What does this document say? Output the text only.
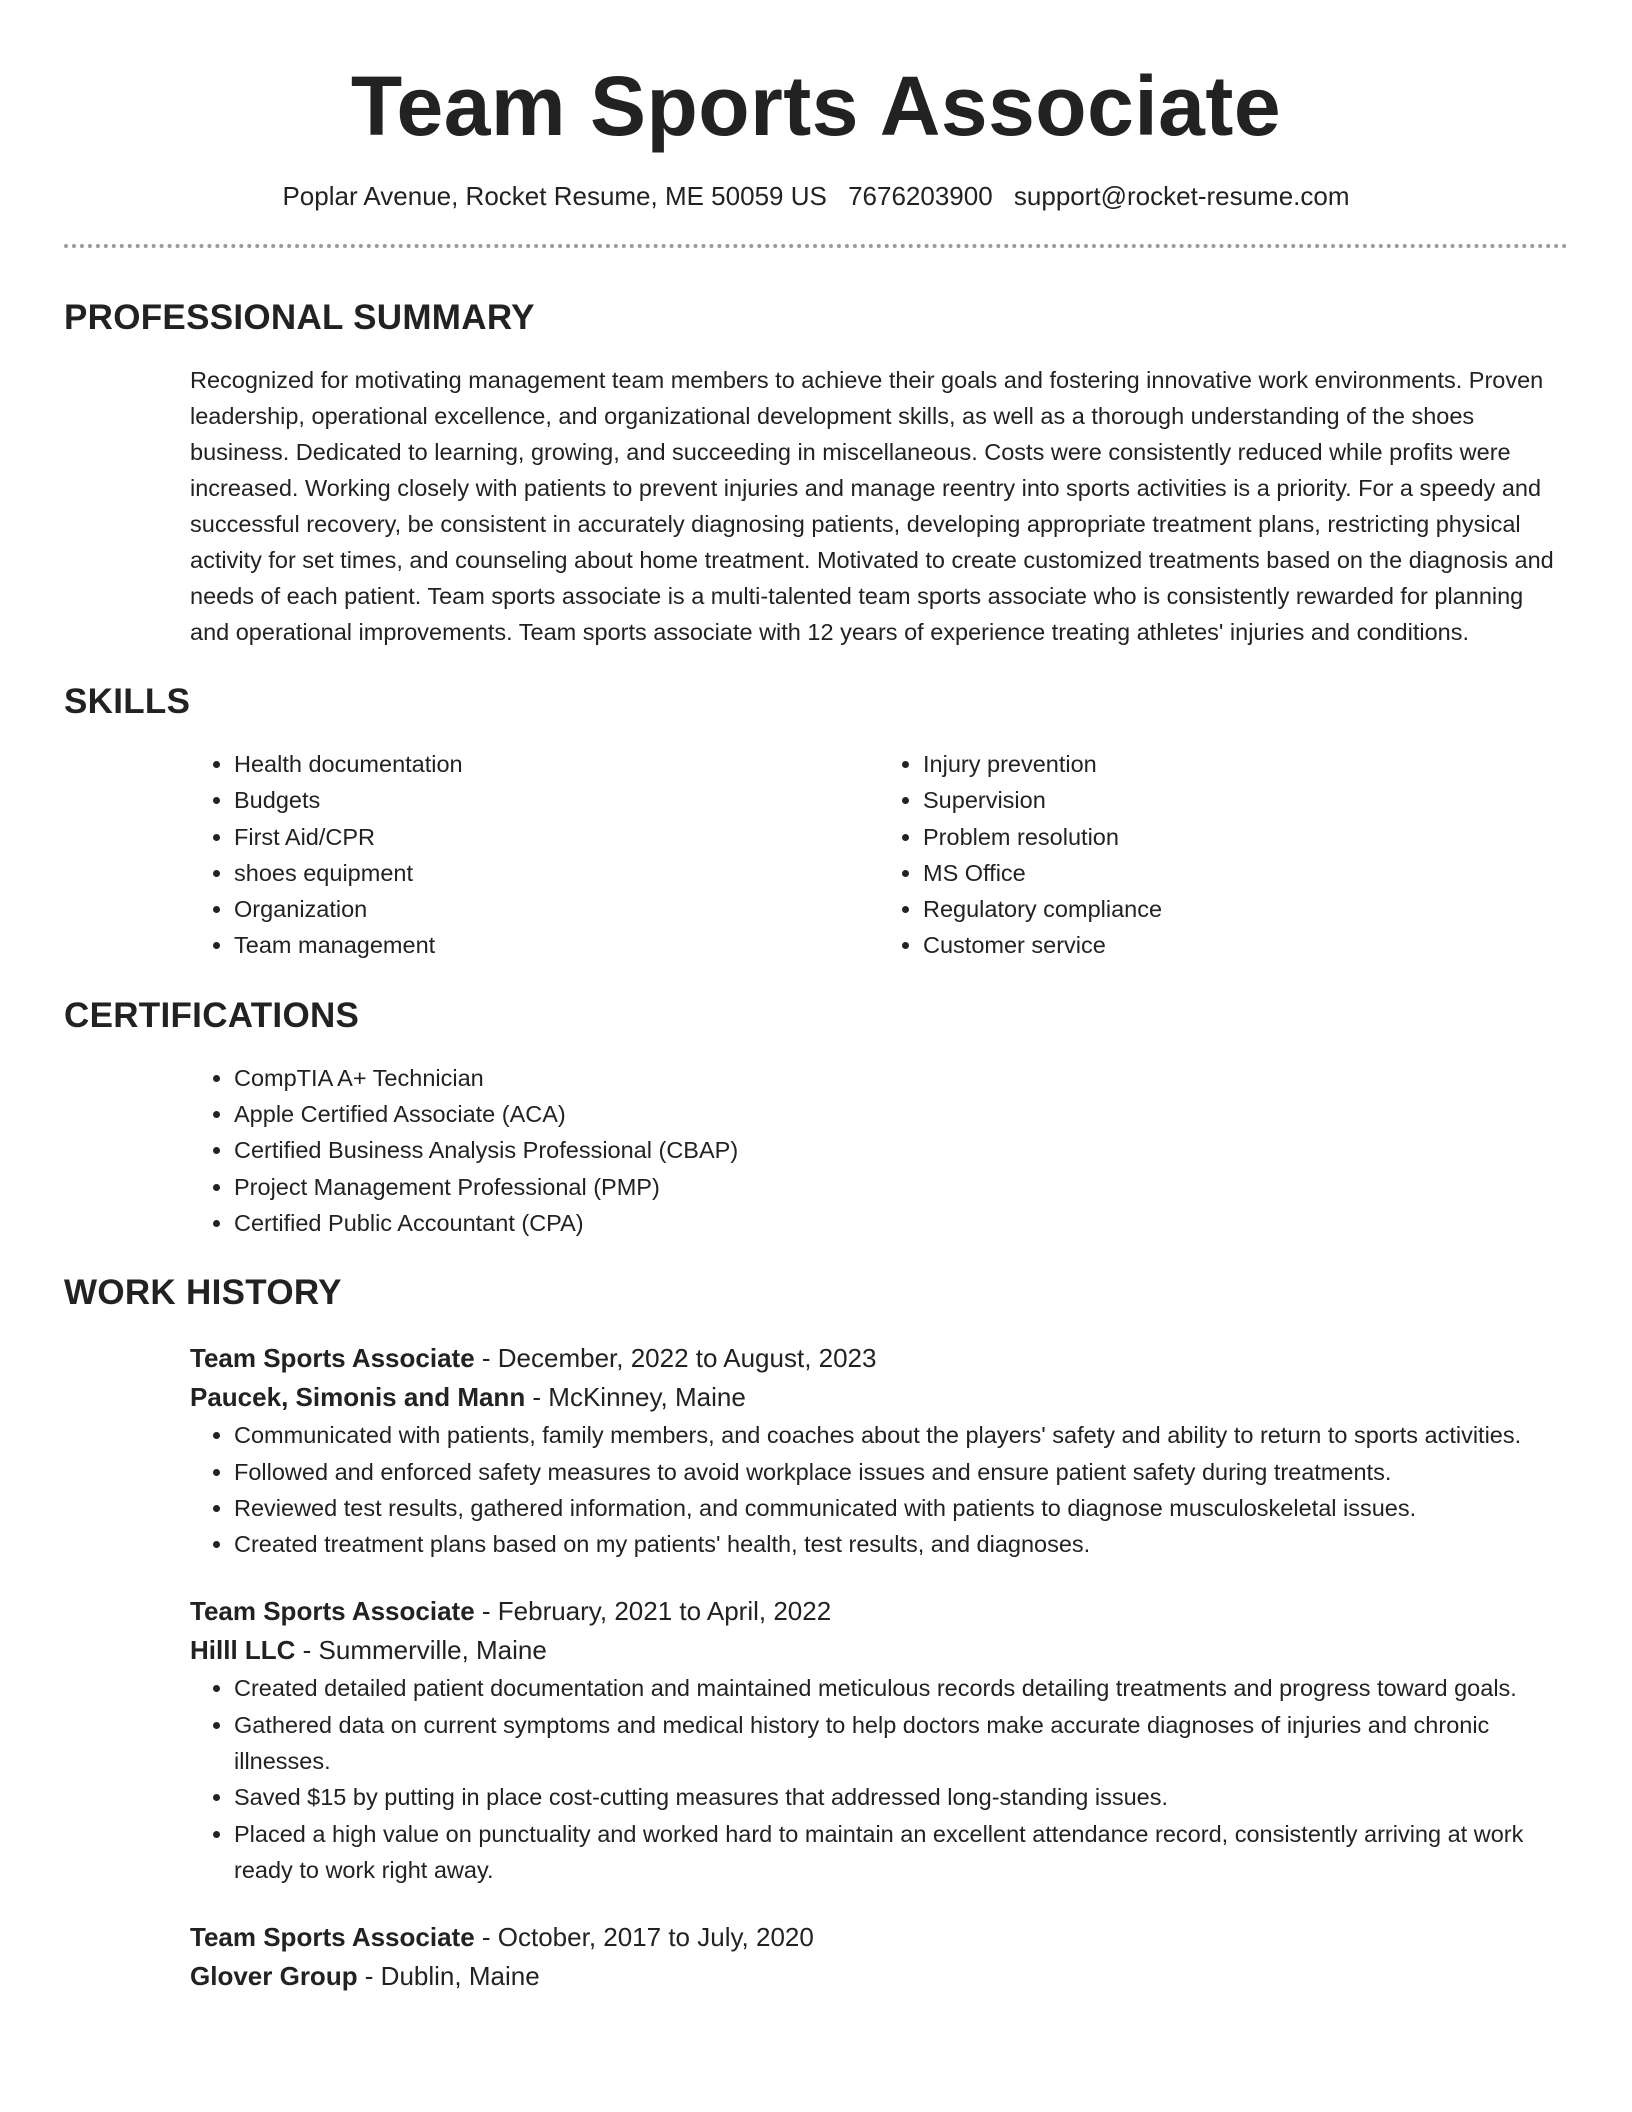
Team Sports Associate
Poplar Avenue, Rocket Resume, ME 50059 US 7676203900 support@rocket-resume.com
PROFESSIONAL SUMMARY
Recognized for motivating management team members to achieve their goals and fostering innovative work environments. Proven leadership, operational excellence, and organizational development skills, as well as a thorough understanding of the shoes business. Dedicated to learning, growing, and succeeding in miscellaneous. Costs were consistently reduced while profits were increased. Working closely with patients to prevent injuries and manage reentry into sports activities is a priority. For a speedy and successful recovery, be consistent in accurately diagnosing patients, developing appropriate treatment plans, restricting physical activity for set times, and counseling about home treatment. Motivated to create customized treatments based on the diagnosis and needs of each patient. Team sports associate is a multi-talented team sports associate who is consistently rewarded for planning and operational improvements. Team sports associate with 12 years of experience treating athletes' injuries and conditions.
SKILLS
• Health documentation
• Budgets
• First Aid/CPR
• shoes equipment
• Organization
• Team management
• Injury prevention
• Supervision
• Problem resolution
• MS Office
• Regulatory compliance
• Customer service
CERTIFICATIONS
• CompTIA A+ Technician
• Apple Certified Associate (ACA)
• Certified Business Analysis Professional (CBAP)
• Project Management Professional (PMP)
• Certified Public Accountant (CPA)
WORK HISTORY
Team Sports Associate - December, 2022 to August, 2023
Paucek, Simonis and Mann - McKinney, Maine
• Communicated with patients, family members, and coaches about the players' safety and ability to return to sports activities.
• Followed and enforced safety measures to avoid workplace issues and ensure patient safety during treatments.
• Reviewed test results, gathered information, and communicated with patients to diagnose musculoskeletal issues.
• Created treatment plans based on my patients' health, test results, and diagnoses.
Team Sports Associate - February, 2021 to April, 2022
Hilll LLC - Summerville, Maine
• Created detailed patient documentation and maintained meticulous records detailing treatments and progress toward goals.
• Gathered data on current symptoms and medical history to help doctors make accurate diagnoses of injuries and chronic illnesses.
• Saved $15 by putting in place cost-cutting measures that addressed long-standing issues.
• Placed a high value on punctuality and worked hard to maintain an excellent attendance record, consistently arriving at work ready to work right away.
Team Sports Associate - October, 2017 to July, 2020
Glover Group - Dublin, Maine
